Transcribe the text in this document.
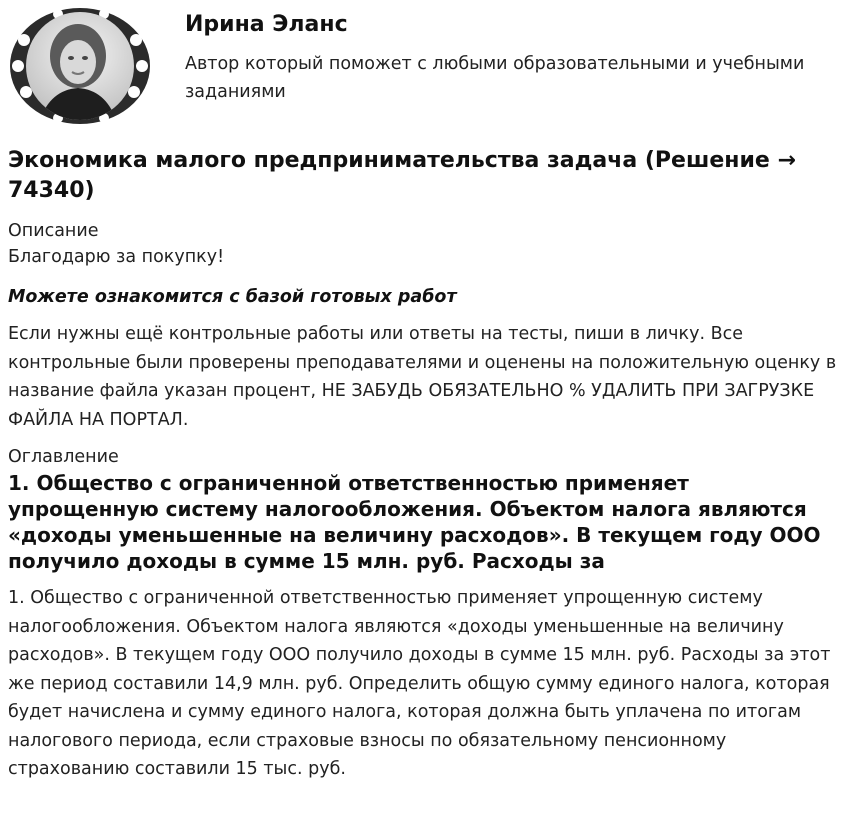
Ирина Эланс
Автор который поможет с любыми образовательными и учебными заданиями
Экономика малого предпринимательства задача (Решение → 74340)
Описание
Благодарю за покупку!
Можете ознакомится с базой готовых работ
Если нужны ещё контрольные работы или ответы на тесты, пиши в личку. Все контрольные были проверены преподавателями и оценены на положительную оценку в название файла указан процент, НЕ ЗАБУДЬ ОБЯЗАТЕЛЬНО % УДАЛИТЬ ПРИ ЗАГРУЗКЕ ФАЙЛА НА ПОРТАЛ.
Оглавление
1. Общество с ограниченной ответственностью применяет упрощенную систему налогообложения. Объектом налога являются «доходы уменьшенные на величину расходов». В текущем году ООО получило доходы в сумме 15 млн. руб. Расходы за
1. Общество с ограниченной ответственностью применяет упрощенную систему налогообложения. Объектом налога являются «доходы уменьшенные на величину расходов». В текущем году ООО получило доходы в сумме 15 млн. руб. Расходы за этот же период составили 14,9 млн. руб. Определить общую сумму единого налога, которая будет начислена и сумму единого налога, которая должна быть уплачена по итогам налогового периода, если страховые взносы по обязательному пенсионному страхованию составили 15 тыс. руб.
